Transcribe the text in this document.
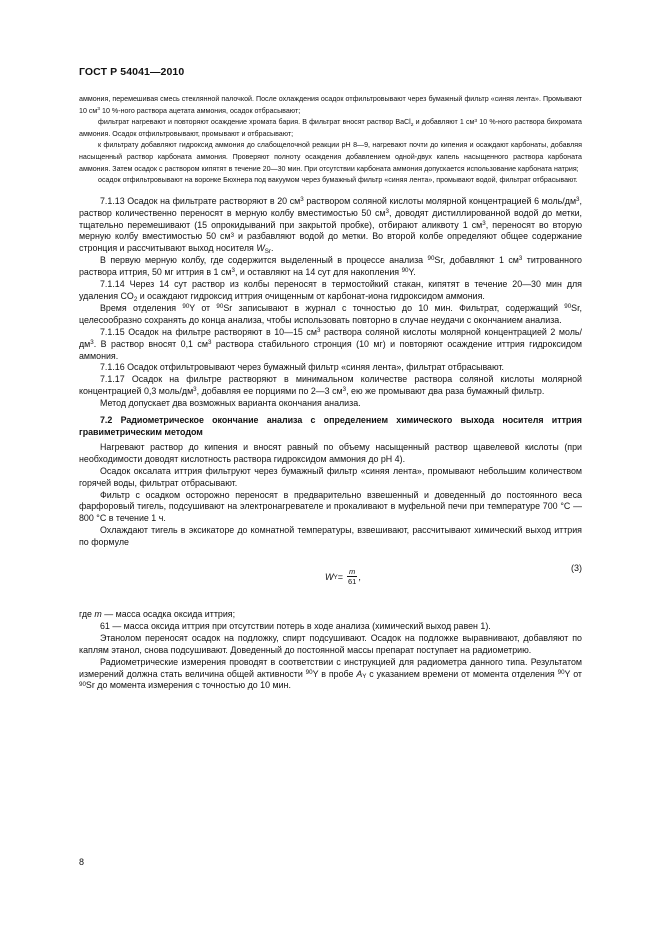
ГОСТ Р 54041—2010

аммония, перемешивая смесь стеклянной палочкой. После охлаждения осадок отфильтровывают через бумажный фильтр «синяя лента». Промывают 10 $см^3$ 10 %-ного раствора ацетата аммония, осадок отбрасывают;

фильтрат нагревают и повторяют осаждение хромата бария. В фильтрат вносят раствор BaCl$_2$ и добавляют 1 $см^3$ 10 %-ного раствора бихромата аммония. Осадок отфильтровывают, промывают и отбрасывают;

к фильтрату добавляют гидроксид аммония до слабощелочной реакции рН 8—9, нагревают почти до кипения и осаждают карбонаты, добавляя насыщенный раствор карбоната аммония. Проверяют полноту осаждения добавлением одной-двух капель насыщенного раствора карбоната аммония. Затем осадок с раствором кипятят в течение 20—30 мин. При отсутствии карбоната аммония допускается использование карбоната натрия;

осадок отфильтровывают на воронке Бюхнера под вакуумом через бумажный фильтр «синяя лента», промывают водой, фильтрат отбрасывают.

7.1.13 Осадок на фильтрате растворяют в 20 $см^3$ раствором соляной кислоты молярной концентрацией 6 моль/$дм^3$, раствор количественно переносят в мерную колбу вместимостью 50 $см^3$, доводят дистиллированной водой до метки, тщательно перемешивают (15 опрокидываний при закрытой пробке), отбирают аликвоту 1 $см^3$, переносят во вторую мерную колбу вместимостью 50 $см^3$ и разбавляют водой до метки. Во второй колбе определяют общее содержание стронция и рассчитывают выход носителя $W_{Sr}$.

В первую мерную колбу, где содержится выделенный в процессе анализа $^{90}$Sr, добавляют 1 $см^3$ титрованного раствора иттрия, 50 мг иттрия в 1 $см^3$, и оставляют на 14 сут для накопления $^{90}$Y.

7.1.14 Через 14 сут раствор из колбы переносят в термостойкий стакан, кипятят в течение 20—30 мин для удаления $CO_2$ и осаждают гидроксид иттрия очищенным от карбонат-иона гидроксидом аммония.

Время отделения $^{90}$Y от $^{90}$Sr записывают в журнал с точностью до 10 мин. Фильтрат, содержащий $^{90}$Sr, целесообразно сохранять до конца анализа, чтобы использовать повторно в случае неудачи с окончанием анализа.

7.1.15 Осадок на фильтре растворяют в 10—15 $см^3$ раствора соляной кислоты молярной концентрацией 2 моль/$дм^3$. В раствор вносят 0,1 $см^3$ раствора стабильного стронция (10 мг) и повторяют осаждение иттрия гидроксидом аммония.

7.1.16 Осадок отфильтровывают через бумажный фильтр «синяя лента», фильтрат отбрасывают.

7.1.17 Осадок на фильтре растворяют в минимальном количестве раствора соляной кислоты молярной концентрацией 0,3 моль/$дм^3$, добавляя ее порциями по 2—3 $см^3$, ею же промывают два раза бумажный фильтр.

Метод допускает два возможных варианта окончания анализа.

7.2 Радиометрическое окончание анализа с определением химического выхода носителя иттрия гравиметрическим методом

Нагревают раствор до кипения и вносят равный по объему насыщенный раствор щавелевой кислоты (при необходимости доводят кислотность раствора гидроксидом аммония до рН 4).

Осадок оксалата иттрия фильтруют через бумажный фильтр «синяя лента», промывают небольшим количеством горячей воды, фильтрат отбрасывают.

Фильтр с осадком осторожно переносят в предварительно взвешенный и доведенный до постоянного веса фарфоровый тигель, подсушивают на электронагревателе и прокаливают в муфельной печи при температуре 700 °С — 800 °С в течение 1 ч.

Охлаждают тигель в эксикаторе до комнатной температуры, взвешивают, рассчитывают химический выход иттрия по формуле

$W_Y = \frac{m}{61}$ ,
(3)

где m — масса осадка оксида иттрия;

61 — масса оксида иттрия при отсутствии потерь в ходе анализа (химический выход равен 1).

Этанолом переносят осадок на подложку, спирт подсушивают. Осадок на подложке выравнивают, добавляют по каплям этанол, снова подсушивают. Доведенный до постоянной массы препарат поступает на радиометрию.

Радиометрические измерения проводят в соответствии с инструкцией для радиометра данного типа. Результатом измерений должна стать величина общей активности $^{90}$Y в пробе $A_Y$ с указанием времени от момента отделения $^{90}$Y от $^{90}$Sr до момента измерения с точностью до 10 мин.

8
